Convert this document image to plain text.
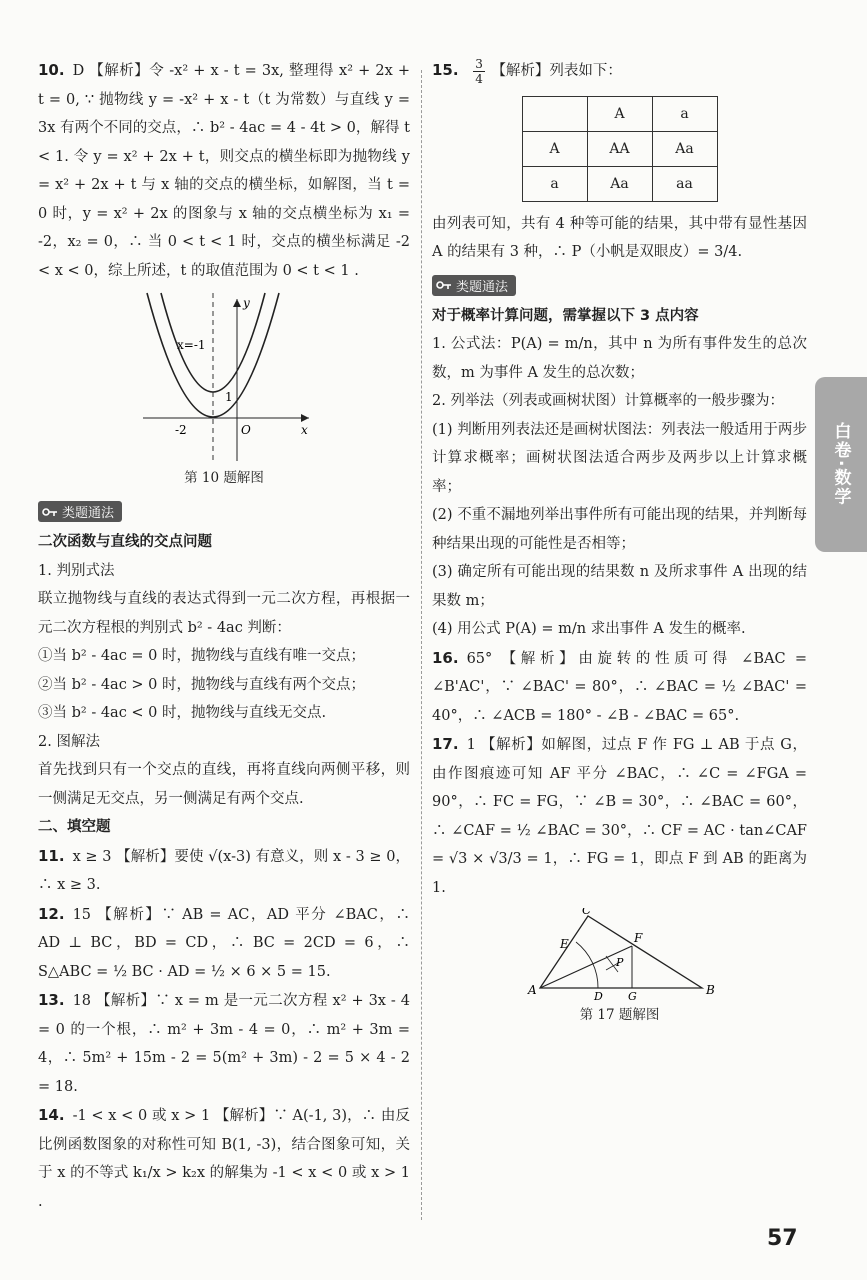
10. D 【解析】令 -x² + x - t = 3x, 整理得 x² + 2x + t = 0, ∵ 抛物线 y = -x² + x - t（t 为常数）与直线 y = 3x 有两个不同的交点，∴ b² - 4ac = 4 - 4t > 0，解得 t < 1. 令 y = x² + 2x + t，则交点的横坐标即为抛物线 y = x² + 2x + t 与 x 轴的交点的横坐标，如解图，当 t = 0 时，y = x² + 2x 的图象与 x 轴的交点横坐标为 x₁ = -2，x₂ = 0，∴ 当 0 < t < 1 时，交点的横坐标满足 -2 < x < 0，综上所述，t 的取值范围为 0 < t < 1 .

x=-1
-2
1
O	x
y
第 10 题解图
类题通法

二次函数与直线的交点问题

1. 判别式法

联立抛物线与直线的表达式得到一元二次方程，再根据一元二次方程根的判别式 b² - 4ac 判断：

①当 b² - 4ac = 0 时，抛物线与直线有唯一交点；

②当 b² - 4ac > 0 时，抛物线与直线有两个交点；

③当 b² - 4ac < 0 时，抛物线与直线无交点.

2. 图解法

首先找到只有一个交点的直线，再将直线向两侧平移，则一侧满足无交点，另一侧满足有两个交点.

二、填空题

11. x ≥ 3 【解析】要使 √(x-3) 有意义，则 x - 3 ≥ 0，∴ x ≥ 3.

12. 15 【解析】∵ AB = AC，AD 平分 ∠BAC，∴ AD ⊥ BC，BD = CD，∴ BC = 2CD = 6，∴ S△ABC = ½ BC · AD = ½ × 6 × 5 = 15.

13. 18 【解析】∵ x = m 是一元二次方程 x² + 3x - 4 = 0 的一个根，∴ m² + 3m - 4 = 0，∴ m² + 3m = 4，∴ 5m² + 15m - 2 = 5(m² + 3m) - 2 = 5 × 4 - 2 = 18.

14. -1 < x < 0 或 x > 1 【解析】∵ A(-1, 3)，∴ 由反比例函数图象的对称性可知 B(1, -3)，结合图象可知，关于 x 的不等式 k₁/x > k₂x 的解集为 -1 < x < 0 或 x > 1 .

15. $\frac{3}{4}$ 【解析】列表如下：

	A	a
A	AA	Aa
a	Aa	aa

由列表可知，共有 4 种等可能的结果，其中带有显性基因 A 的结果有 3 种，∴ P（小帆是双眼皮）= 3/4.

类题通法

对于概率计算问题，需掌握以下 3 点内容

1. 公式法：P(A) = m/n，其中 n 为所有事件发生的总次数，m 为事件 A 发生的总次数；

2. 列举法（列表或画树状图）计算概率的一般步骤为：

(1) 判断用列表法还是画树状图法：列表法一般适用于两步计算求概率；画树状图法适合两步及两步以上计算求概率；

(2) 不重不漏地列举出事件所有可能出现的结果，并判断每种结果出现的可能性是否相等；

(3) 确定所有可能出现的结果数 n 及所求事件 A 出现的结果数 m；

(4) 用公式 P(A) = m/n 求出事件 A 发生的概率.

16. 65° 【解析】由旋转的性质可得 ∠BAC = ∠B'AC'，∵ ∠BAC' = 80°，∴ ∠BAC = ½ ∠BAC' = 40°，∴ ∠ACB = 180° - ∠B - ∠BAC = 65°.

17. 1 【解析】如解图，过点 F 作 FG ⊥ AB 于点 G，由作图痕迹可知 AF 平分 ∠BAC，∴ ∠C = ∠FGA = 90°，∴ FC = FG，∵ ∠B = 30°，∴ ∠BAC = 60°，∴ ∠CAF = ½ ∠BAC = 30°，∴ CF = AC · tan∠CAF = √3 × √3/3 = 1，∴ FG = 1，即点 F 到 AB 的距离为 1.

A	B
C
D
E	F
G
P
第 17 题解图
白卷·数学
57
